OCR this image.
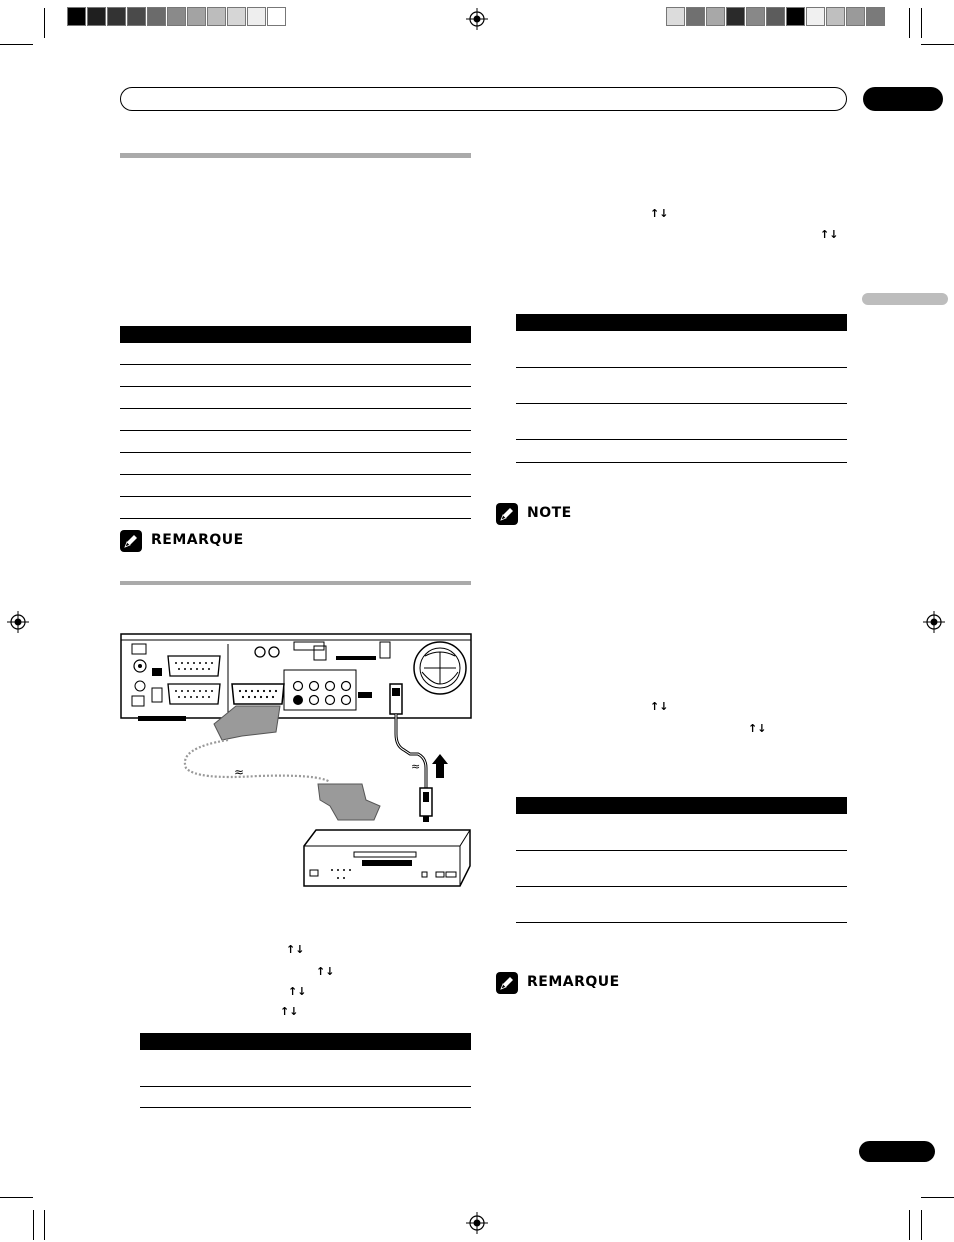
REMARQUE
≈	≈
↑↓
↑↓
↑↓
↑↓
↑↓
↑↓
NOTE
↑↓
↑↓
REMARQUE
